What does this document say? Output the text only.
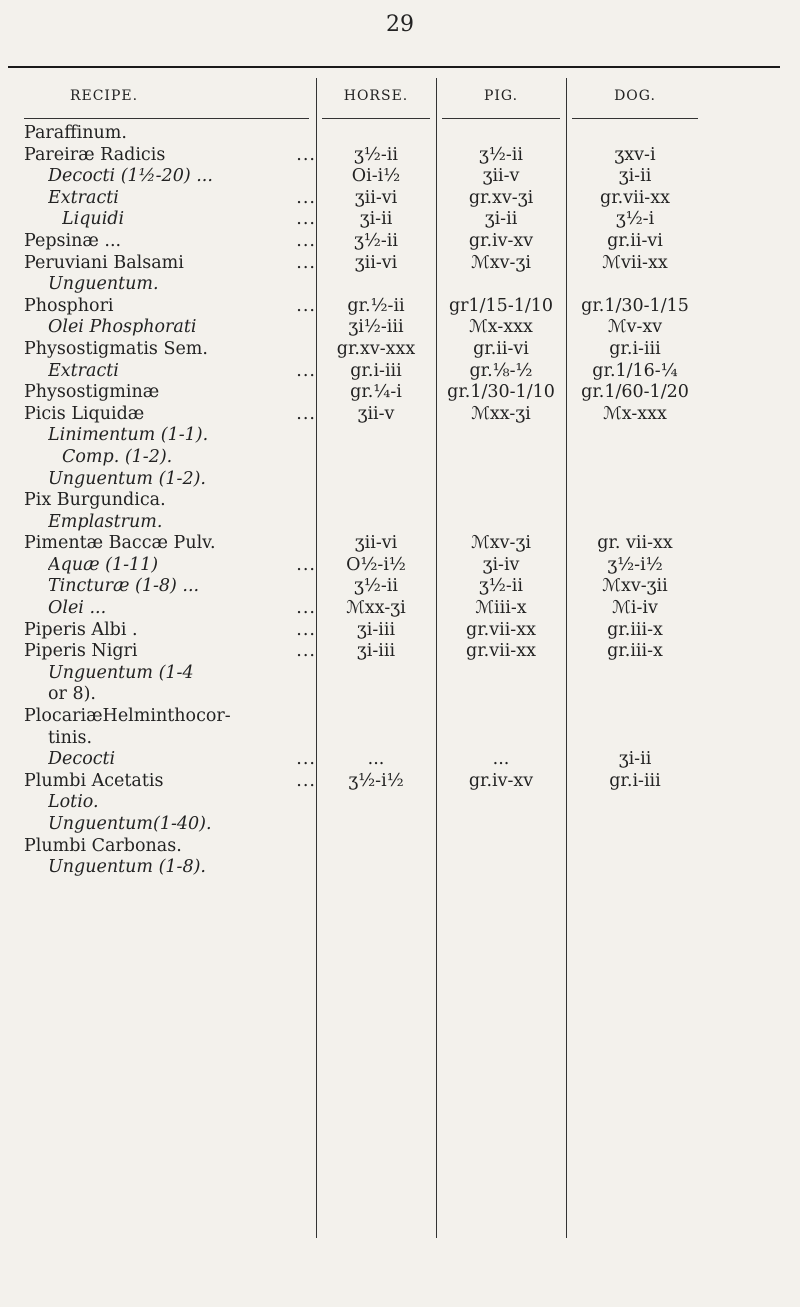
29
RECIPE.	HORSE.	PIG.	DOG.
Paraffinum.
Pareiræ Radicis	...	ʒ½-ii	ʒ½-ii	ʒxv-i
Decocti (1½-20) ...	Oi-i½	ʒii-v	ʒi-ii
Extracti	...	ʒii-vi	gr.xv-ʒi	gr.vii-xx
Liquidi	...	ʒi-ii	ʒi-ii	ʒ½-i
Pepsinæ ...	...	ʒ½-ii	gr.iv-xv	gr.ii-vi
Peruviani Balsami	...	ʒii-vi	ℳxv-ʒi	ℳvii-xx
Unguentum.
Phosphori	...	gr.½-ii	gr1/15-1/10	gr.1/30-1/15
Olei Phosphorati	ʒi½-iii	ℳx-xxx	ℳv-xv
Physostigmatis Sem.	gr.xv-xxx	gr.ii-vi	gr.i-iii
Extracti	...	gr.i-iii	gr.⅛-½	gr.1/16-¼
Physostigminæ	gr.¼-i	gr.1/30-1/10	gr.1/60-1/20
Picis Liquidæ	...	ʒii-v	ℳxx-ʒi	ℳx-xxx
Linimentum (1-1).
Comp. (1-2).
Unguentum (1-2).
Pix Burgundica.
Emplastrum.
Pimentæ Baccæ Pulv.	ʒii-vi	ℳxv-ʒi	gr. vii-xx
Aquæ (1-11)	...	O½-i½	ʒi-iv	ʒ½-i½
Tincturæ (1-8) ...	ʒ½-ii	ʒ½-ii	ℳxv-ʒii
Olei ...	...	ℳxx-ʒi	ℳiii-x	ℳi-iv
Piperis Albi .	...	ʒi-iii	gr.vii-xx	gr.iii-x
Piperis Nigri	...	ʒi-iii	gr.vii-xx	gr.iii-x
Unguentum (1-4
or 8).
PlocariæHelminthocor-
tinis.
Decocti	...	...	...	ʒi-ii
Plumbi Acetatis	...	ʒ½-i½	gr.iv-xv	gr.i-iii
Lotio.
Unguentum(1-40).
Plumbi Carbonas.
Unguentum (1-8).
